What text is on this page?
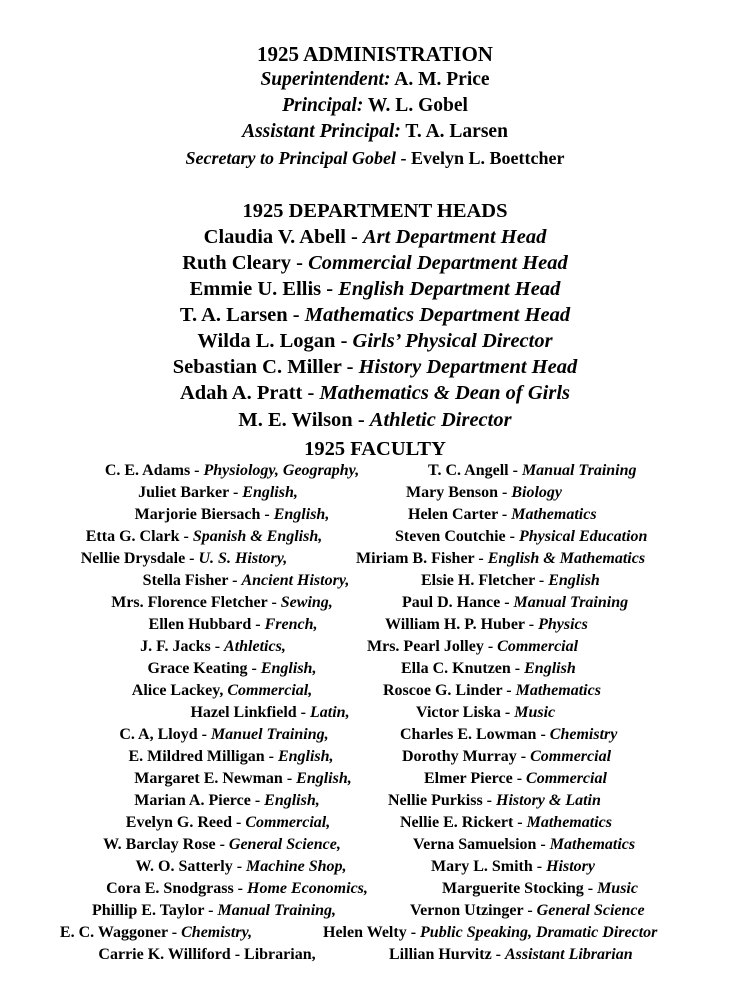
1925 ADMINISTRATION
Superintendent: A. M. Price
Principal: W. L. Gobel
Assistant Principal: T. A. Larsen
Secretary to Principal Gobel - Evelyn L. Boettcher
1925 DEPARTMENT HEADS
Claudia V. Abell - Art Department Head
Ruth Cleary - Commercial Department Head
Emmie U. Ellis - English Department Head
T. A. Larsen - Mathematics Department Head
Wilda L. Logan - Girls’ Physical Director
Sebastian C. Miller - History Department Head
Adah A. Pratt - Mathematics & Dean of Girls
M. E. Wilson - Athletic Director
1925 FACULTY
C. E. Adams - Physiology, Geography,	T. C. Angell - Manual Training
Juliet Barker - English,	Mary Benson - Biology
Marjorie Biersach - English,	Helen Carter - Mathematics
Etta G. Clark - Spanish & English,	Steven Coutchie - Physical Education
Nellie Drysdale - U. S. History,	Miriam B. Fisher - English & Mathematics
Stella Fisher - Ancient History,	Elsie H. Fletcher - English
Mrs. Florence Fletcher - Sewing,	Paul D. Hance - Manual Training
Ellen Hubbard - French,	William H. P. Huber - Physics
J. F. Jacks - Athletics,	Mrs. Pearl Jolley - Commercial
Grace Keating - English,	Ella C. Knutzen - English
Alice Lackey, Commercial,	Roscoe G. Linder - Mathematics
Hazel Linkfield - Latin,	Victor Liska - Music
C. A, Lloyd - Manuel Training,	Charles E. Lowman - Chemistry
E. Mildred Milligan - English,	Dorothy Murray - Commercial
Margaret E. Newman - English,	Elmer Pierce - Commercial
Marian A. Pierce - English,	Nellie Purkiss - History & Latin
Evelyn G. Reed - Commercial,	Nellie E. Rickert - Mathematics
W. Barclay Rose - General Science,	Verna Samuelsion - Mathematics
W. O. Satterly - Machine Shop,	Mary L. Smith - History
Cora E. Snodgrass - Home Economics,	Marguerite Stocking - Music
Phillip E. Taylor - Manual Training,	Vernon Utzinger - General Science
E. C. Waggoner - Chemistry,	Helen Welty - Public Speaking, Dramatic Director
Carrie K. Williford - Librarian,	Lillian Hurvitz - Assistant Librarian
